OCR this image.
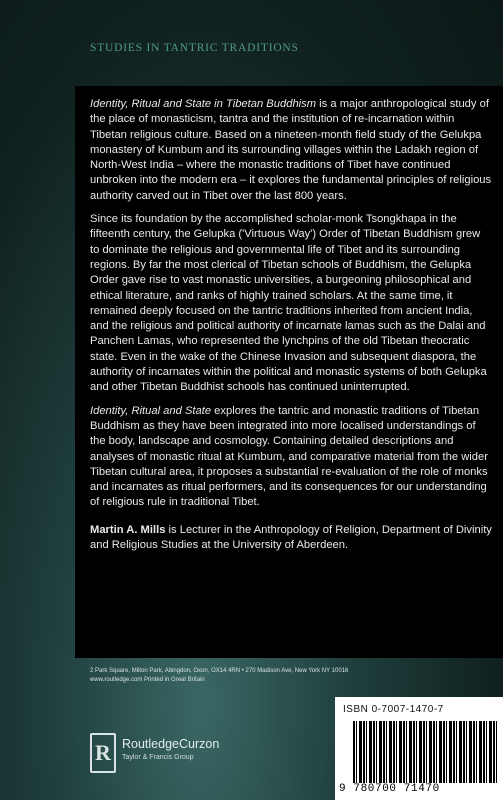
STUDIES IN TANTRIC TRADITIONS

Identity, Ritual and State in Tibetan Buddhism is a major anthropological study of the place of monasticism, tantra and the institution of re-incarnation within Tibetan religious culture. Based on a nineteen-month field study of the Gelukpa monastery of Kumbum and its surrounding villages within the Ladakh region of North-West India – where the monastic traditions of Tibet have continued unbroken into the modern era – it explores the fundamental principles of religious authority carved out in Tibet over the last 800 years.

Since its foundation by the accomplished scholar-monk Tsongkhapa in the fifteenth century, the Gelupka ('Virtuous Way') Order of Tibetan Buddhism grew to dominate the religious and governmental life of Tibet and its surrounding regions. By far the most clerical of Tibetan schools of Buddhism, the Gelupka Order gave rise to vast monastic universities, a burgeoning philosophical and ethical literature, and ranks of highly trained scholars. At the same time, it remained deeply focused on the tantric traditions inherited from ancient India, and the religious and political authority of incarnate lamas such as the Dalai and Panchen Lamas, who represented the lynchpins of the old Tibetan theocratic state. Even in the wake of the Chinese Invasion and subsequent diaspora, the authority of incarnates within the political and monastic systems of both Gelupka and other Tibetan Buddhist schools has continued uninterrupted.

Identity, Ritual and State explores the tantric and monastic traditions of Tibetan Buddhism as they have been integrated into more localised understandings of the body, landscape and cosmology. Containing detailed descriptions and analyses of monastic ritual at Kumbum, and comparative material from the wider Tibetan cultural area, it proposes a substantial re-evaluation of the role of monks and incarnates as ritual performers, and its consequences for our understanding of religious rule in traditional Tibet.

Martin A. Mills is Lecturer in the Anthropology of Religion, Department of Divinity and Religious Studies at the University of Aberdeen.

2 Park Square, Milton Park, Abingdon, Oxon, OX14 4RN • 270 Madison Ave, New York NY 10016
www.routledge.com Printed in Great Britain
ISBN 0-7007-1470-7
9 780700 71470
R RoutledgeCurzon
Taylor & Francis Group
